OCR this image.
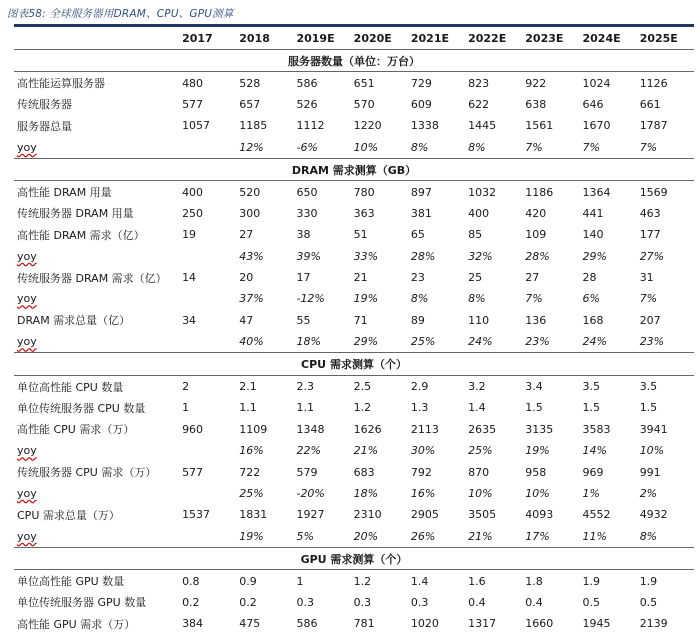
图表58: 全球服务器用DRAM、CPU、GPU测算
	2017	2018	2019E	2020E	2021E	2022E	2023E	2024E	2025E
服务器数量（单位：万台）									
高性能运算服务器	480	528	586	651	729	823	922	1024	1126
传统服务器	577	657	526	570	609	622	638	646	661
服务器总量	1057	1185	1112	1220	1338	1445	1561	1670	1787
yoy		12%	-6%	10%	8%	8%	7%	7%	7%
DRAM 需求测算（GB）									
高性能 DRAM 用量	400	520	650	780	897	1032	1186	1364	1569
传统服务器 DRAM 用量	250	300	330	363	381	400	420	441	463
高性能 DRAM 需求（亿）	19	27	38	51	65	85	109	140	177
yoy		43%	39%	33%	28%	32%	28%	29%	27%
传统服务器 DRAM 需求（亿）	14	20	17	21	23	25	27	28	31
yoy		37%	-12%	19%	8%	8%	7%	6%	7%
DRAM 需求总量（亿）	34	47	55	71	89	110	136	168	207
yoy		40%	18%	29%	25%	24%	23%	24%	23%
CPU 需求测算（个）									
单位高性能 CPU 数量	2	2.1	2.3	2.5	2.9	3.2	3.4	3.5	3.5
单位传统服务器 CPU 数量	1	1.1	1.1	1.2	1.3	1.4	1.5	1.5	1.5
高性能 CPU 需求（万）	960	1109	1348	1626	2113	2635	3135	3583	3941
yoy		16%	22%	21%	30%	25%	19%	14%	10%
传统服务器 CPU 需求（万）	577	722	579	683	792	870	958	969	991
yoy		25%	-20%	18%	16%	10%	10%	1%	2%
CPU 需求总量（万）	1537	1831	1927	2310	2905	3505	4093	4552	4932
yoy		19%	5%	20%	26%	21%	17%	11%	8%
GPU 需求测算（个）									
单位高性能 GPU 数量	0.8	0.9	1	1.2	1.4	1.6	1.8	1.9	1.9
单位传统服务器 GPU 数量	0.2	0.2	0.3	0.3	0.3	0.4	0.4	0.5	0.5
高性能 GPU 需求（万）	384	475	586	781	1020	1317	1660	1945	2139
